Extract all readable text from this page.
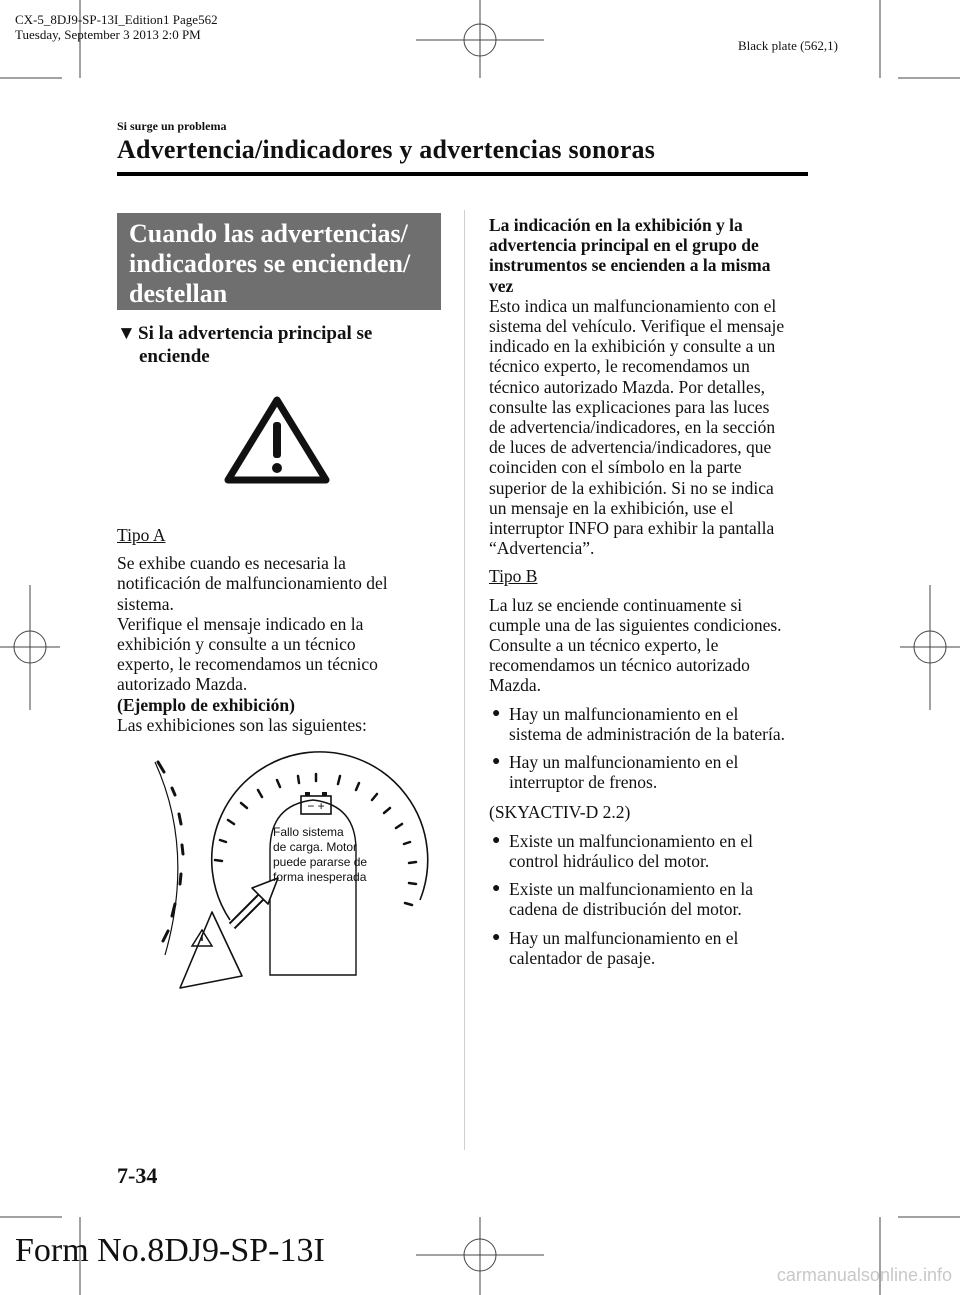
CX-5_8DJ9-SP-13I_Edition1 Page562
Tuesday, September 3 2013 2:0 PM
Black plate (562,1)
Si surge un problema
Advertencia/indicadores y advertencias sonoras
Cuando las advertencias/
indicadores se encienden/
destellan
▼ Si la advertencia principal se
enciende
Tipo A
Se exhibe cuando es necesaria la
notificación de malfuncionamiento del
sistema.
Verifique el mensaje indicado en la
exhibición y consulte a un técnico
experto, le recomendamos un técnico
autorizado Mazda.
(Ejemplo de exhibición)
Las exhibiciones son las siguientes:
− +
Fallo sistema
de carga. Motor
puede pararse de
forma inesperada
La indicación en la exhibición y la
advertencia principal en el grupo de
instrumentos se encienden a la misma
vez
Esto indica un malfuncionamiento con el
sistema del vehículo. Verifique el mensaje
indicado en la exhibición y consulte a un
técnico experto, le recomendamos un
técnico autorizado Mazda. Por detalles,
consulte las explicaciones para las luces
de advertencia/indicadores, en la sección
de luces de advertencia/indicadores, que
coinciden con el símbolo en la parte
superior de la exhibición. Si no se indica
un mensaje en la exhibición, use el
interruptor INFO para exhibir la pantalla
“Advertencia”.
Tipo B
La luz se enciende continuamente si
cumple una de las siguientes condiciones.
Consulte a un técnico experto, le
recomendamos un técnico autorizado
Mazda.
● Hay un malfuncionamiento en el
sistema de administración de la batería.
● Hay un malfuncionamiento en el
interruptor de frenos.
(SKYACTIV-D 2.2)
● Existe un malfuncionamiento en el
control hidráulico del motor.
● Existe un malfuncionamiento en la
cadena de distribución del motor.
● Hay un malfuncionamiento en el
calentador de pasaje.
7-34
Form No.8DJ9-SP-13I
carmanualsonline.info
